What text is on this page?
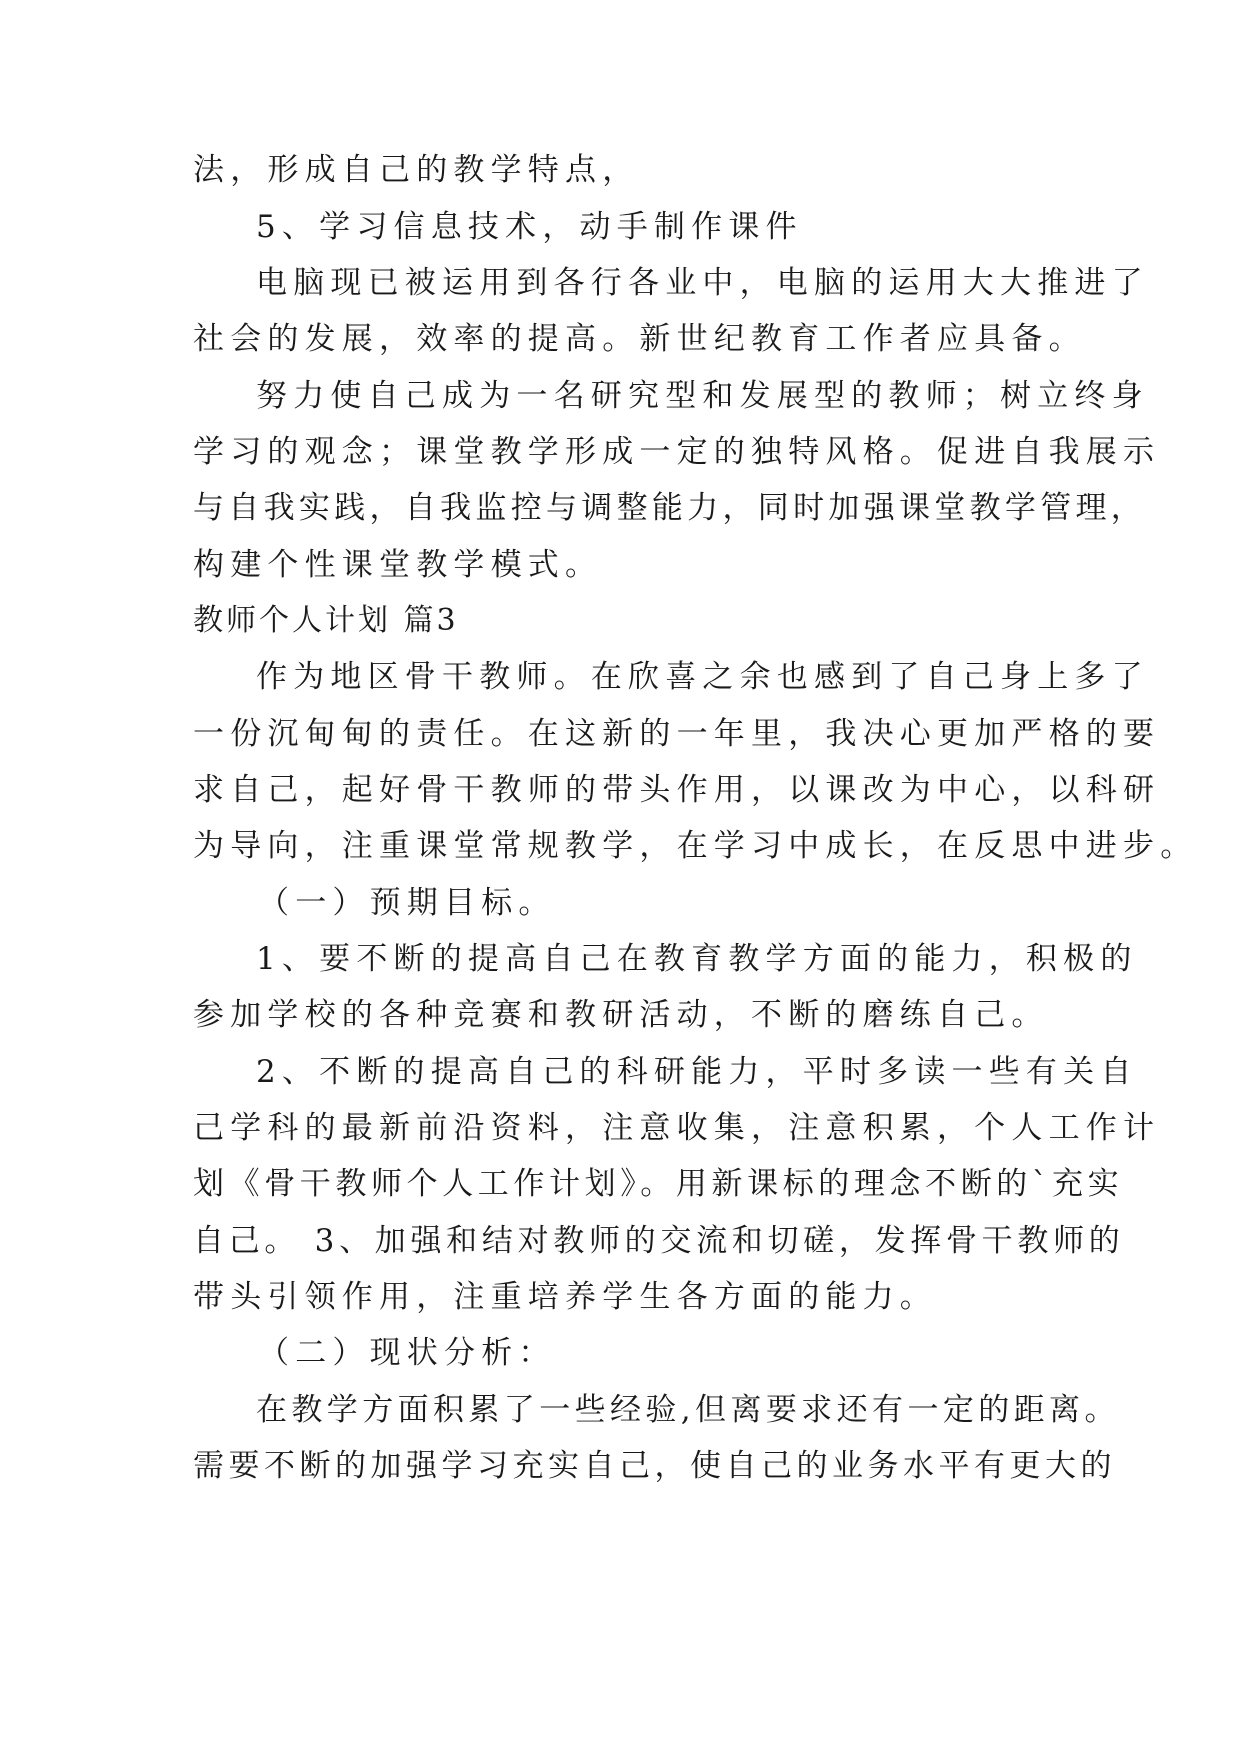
法，形成自己的教学特点，
5、学习信息技术，动手制作课件
电脑现已被运用到各行各业中，电脑的运用大大推进了
社会的发展，效率的提高。新世纪教育工作者应具备。
努力使自己成为一名研究型和发展型的教师；树立终身
学习的观念；课堂教学形成一定的独特风格。促进自我展示
与自我实践，自我监控与调整能力，同时加强课堂教学管理，
构建个性课堂教学模式。
教师个人计划 篇3
作为地区骨干教师。在欣喜之余也感到了自己身上多了
一份沉甸甸的责任。在这新的一年里，我决心更加严格的要
求自己，起好骨干教师的带头作用，以课改为中心，以科研
为导向，注重课堂常规教学，在学习中成长，在反思中进步。
（一）预期目标。
1、要不断的提高自己在教育教学方面的能力，积极的
参加学校的各种竞赛和教研活动，不断的磨练自己。
2、不断的提高自己的科研能力，平时多读一些有关自
己学科的最新前沿资料，注意收集，注意积累，个人工作计
划《骨干教师个人工作计划》。用新课标的理念不断的`充实
自己。 3、加强和结对教师的交流和切磋，发挥骨干教师的
带头引领作用，注重培养学生各方面的能力。
（二）现状分析：
在教学方面积累了一些经验,但离要求还有一定的距离。
需要不断的加强学习充实自己，使自己的业务水平有更大的
